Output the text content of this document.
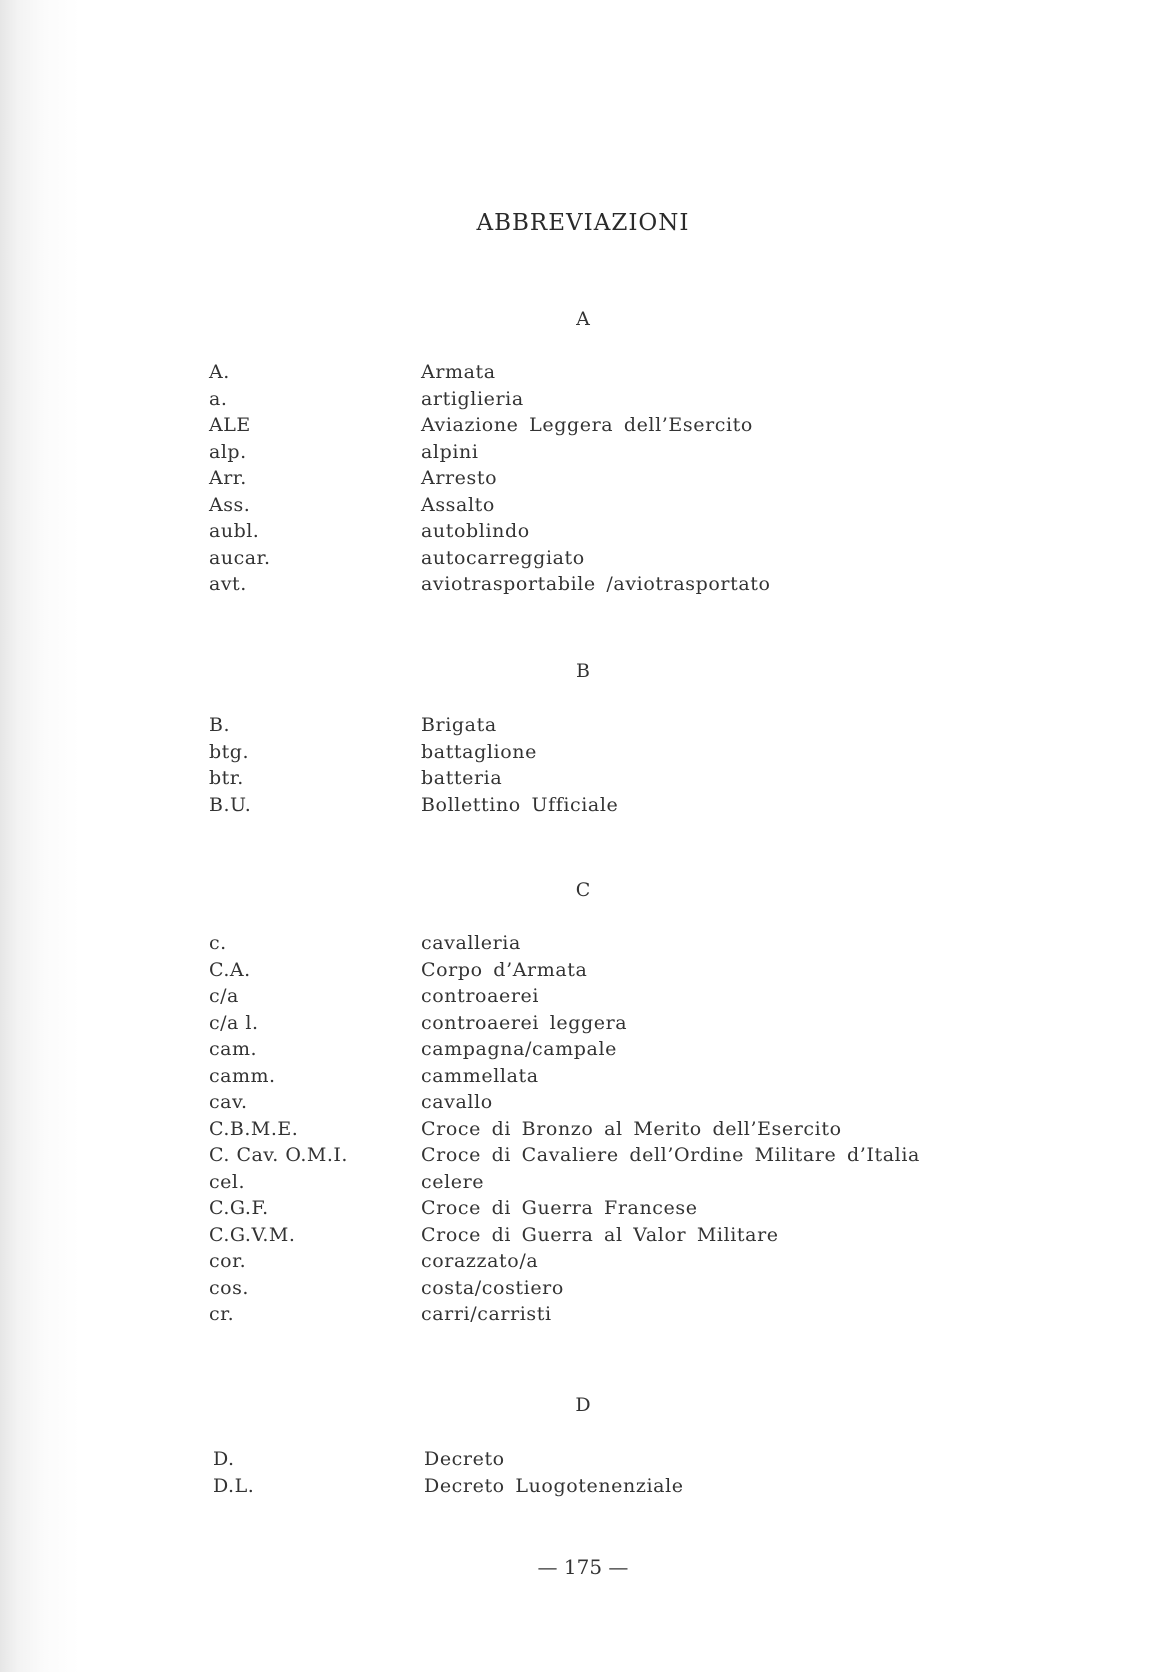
ABBREVIAZIONI
A
A.	Armata
a.	artiglieria
ALE	Aviazione Leggera dell’Esercito
alp.	alpini
Arr.	Arresto
Ass.	Assalto
aubl.	autoblindo
aucar.	autocarreggiato
avt.	aviotrasportabile /aviotrasportato
B
B.	Brigata
btg.	battaglione
btr.	batteria
B.U.	Bollettino Ufficiale
C
c.	cavalleria
C.A.	Corpo d’Armata
c/a	controaerei
c/a l.	controaerei leggera
cam.	campagna/campale
camm.	cammellata
cav.	cavallo
C.B.M.E.	Croce di Bronzo al Merito dell’Esercito
C. Cav. O.M.I.	Croce di Cavaliere dell’Ordine Militare d’Italia
cel.	celere
C.G.F.	Croce di Guerra Francese
C.G.V.M.	Croce di Guerra al Valor Militare
cor.	corazzato/a
cos.	costa/costiero
cr.	carri/carristi
D
D.	Decreto
D.L.	Decreto Luogotenenziale
— 175 —
